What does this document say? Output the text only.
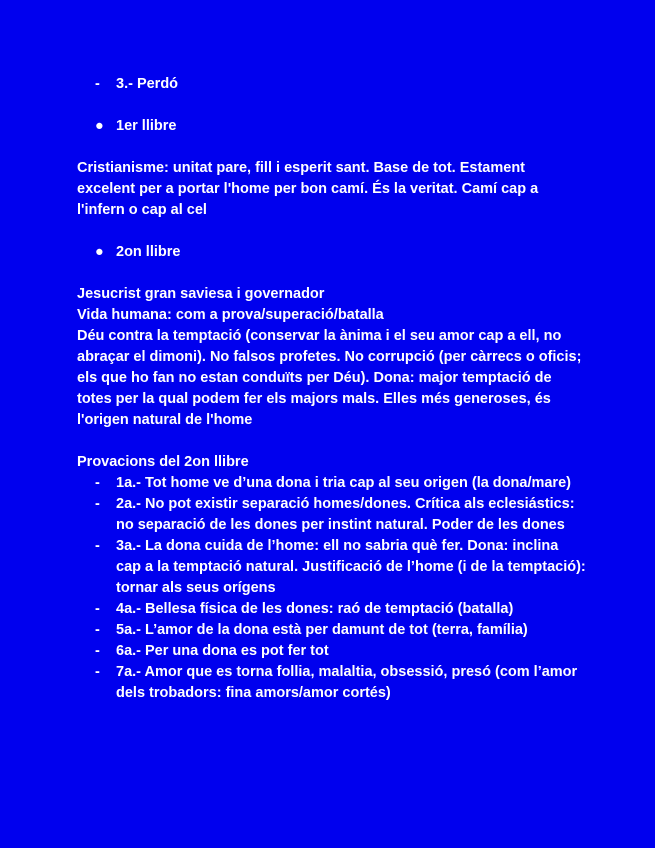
- 3.- Perdó
● 1er llibre

Cristianisme: unitat pare, fill i esperit sant. Base de tot. Estament excelent per a portar l'home per bon camí. És la veritat. Camí cap a l'infern o cap al cel

● 2on llibre

Jesucrist gran saviesa i governador

Vida humana: com a prova/superació/batalla

Déu contra la temptació (conservar la ànima i el seu amor cap a ell, no abraçar el dimoni). No falsos profetes. No corrupció (per càrrecs o oficis; els que ho fan no estan conduïts per Déu). Dona: major temptació de totes per la qual podem fer els majors mals. Elles més generoses, és l'origen natural de l'home

Provacions del 2on llibre

- 1a.- Tot home ve d’una dona i tria cap al seu origen (la dona/mare)
- 2a.- No pot existir separació homes/dones. Crítica als eclesiástics: no separació de les dones per instint natural. Poder de les dones
- 3a.- La dona cuida de l’home: ell no sabria què fer. Dona: inclina cap a la temptació natural. Justificació de l’home (i de la temptació): tornar als seus orígens
- 4a.- Bellesa física de les dones: raó de temptació (batalla)
- 5a.- L’amor de la dona està per damunt de tot (terra, família)
- 6a.- Per una dona es pot fer tot
- 7a.- Amor que es torna follia, malaltia, obsessió, presó (com l’amor dels trobadors: fina amors/amor cortés)
